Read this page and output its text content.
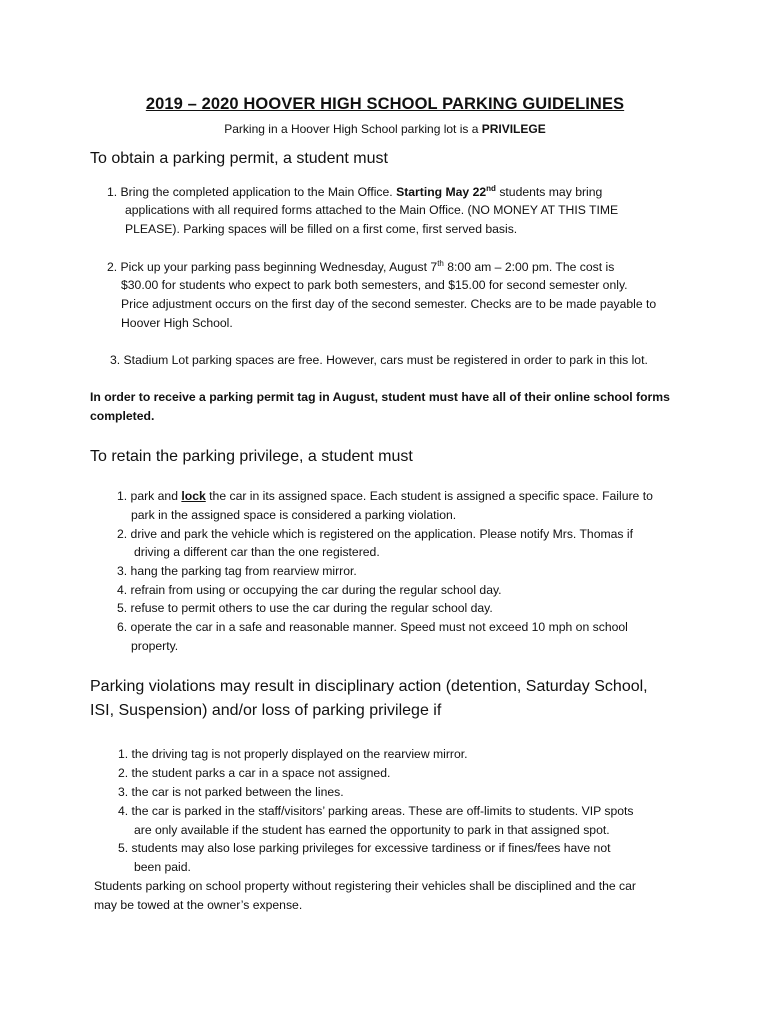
2019 – 2020 HOOVER HIGH SCHOOL PARKING GUIDELINES
Parking in a Hoover High School parking lot is a PRIVILEGE
To obtain a parking permit, a student must
1. Bring the completed application to the Main Office. Starting May 22nd students may bring
applications with all required forms attached to the Main Office. (NO MONEY AT THIS TIME
PLEASE). Parking spaces will be filled on a first come, first served basis.
2. Pick up your parking pass beginning Wednesday, August 7th 8:00 am – 2:00 pm. The cost is
$30.00 for students who expect to park both semesters, and $15.00 for second semester only.
Price adjustment occurs on the first day of the second semester. Checks are to be made payable to
Hoover High School.
3. Stadium Lot parking spaces are free. However, cars must be registered in order to park in this lot.
In order to receive a parking permit tag in August, student must have all of their online school forms
completed.
To retain the parking privilege, a student must
1. park and lock the car in its assigned space. Each student is assigned a specific space. Failure to
park in the assigned space is considered a parking violation.
2. drive and park the vehicle which is registered on the application. Please notify Mrs. Thomas if
driving a different car than the one registered.
3. hang the parking tag from rearview mirror.
4. refrain from using or occupying the car during the regular school day.
5. refuse to permit others to use the car during the regular school day.
6. operate the car in a safe and reasonable manner. Speed must not exceed 10 mph on school
property.
Parking violations may result in disciplinary action (detention, Saturday School,
ISI, Suspension) and/or loss of parking privilege if
1. the driving tag is not properly displayed on the rearview mirror.
2. the student parks a car in a space not assigned.
3. the car is not parked between the lines.
4. the car is parked in the staff/visitors’ parking areas. These are off-limits to students. VIP spots
are only available if the student has earned the opportunity to park in that assigned spot.
5. students may also lose parking privileges for excessive tardiness or if fines/fees have not
been paid.
Students parking on school property without registering their vehicles shall be disciplined and the car
may be towed at the owner’s expense.
